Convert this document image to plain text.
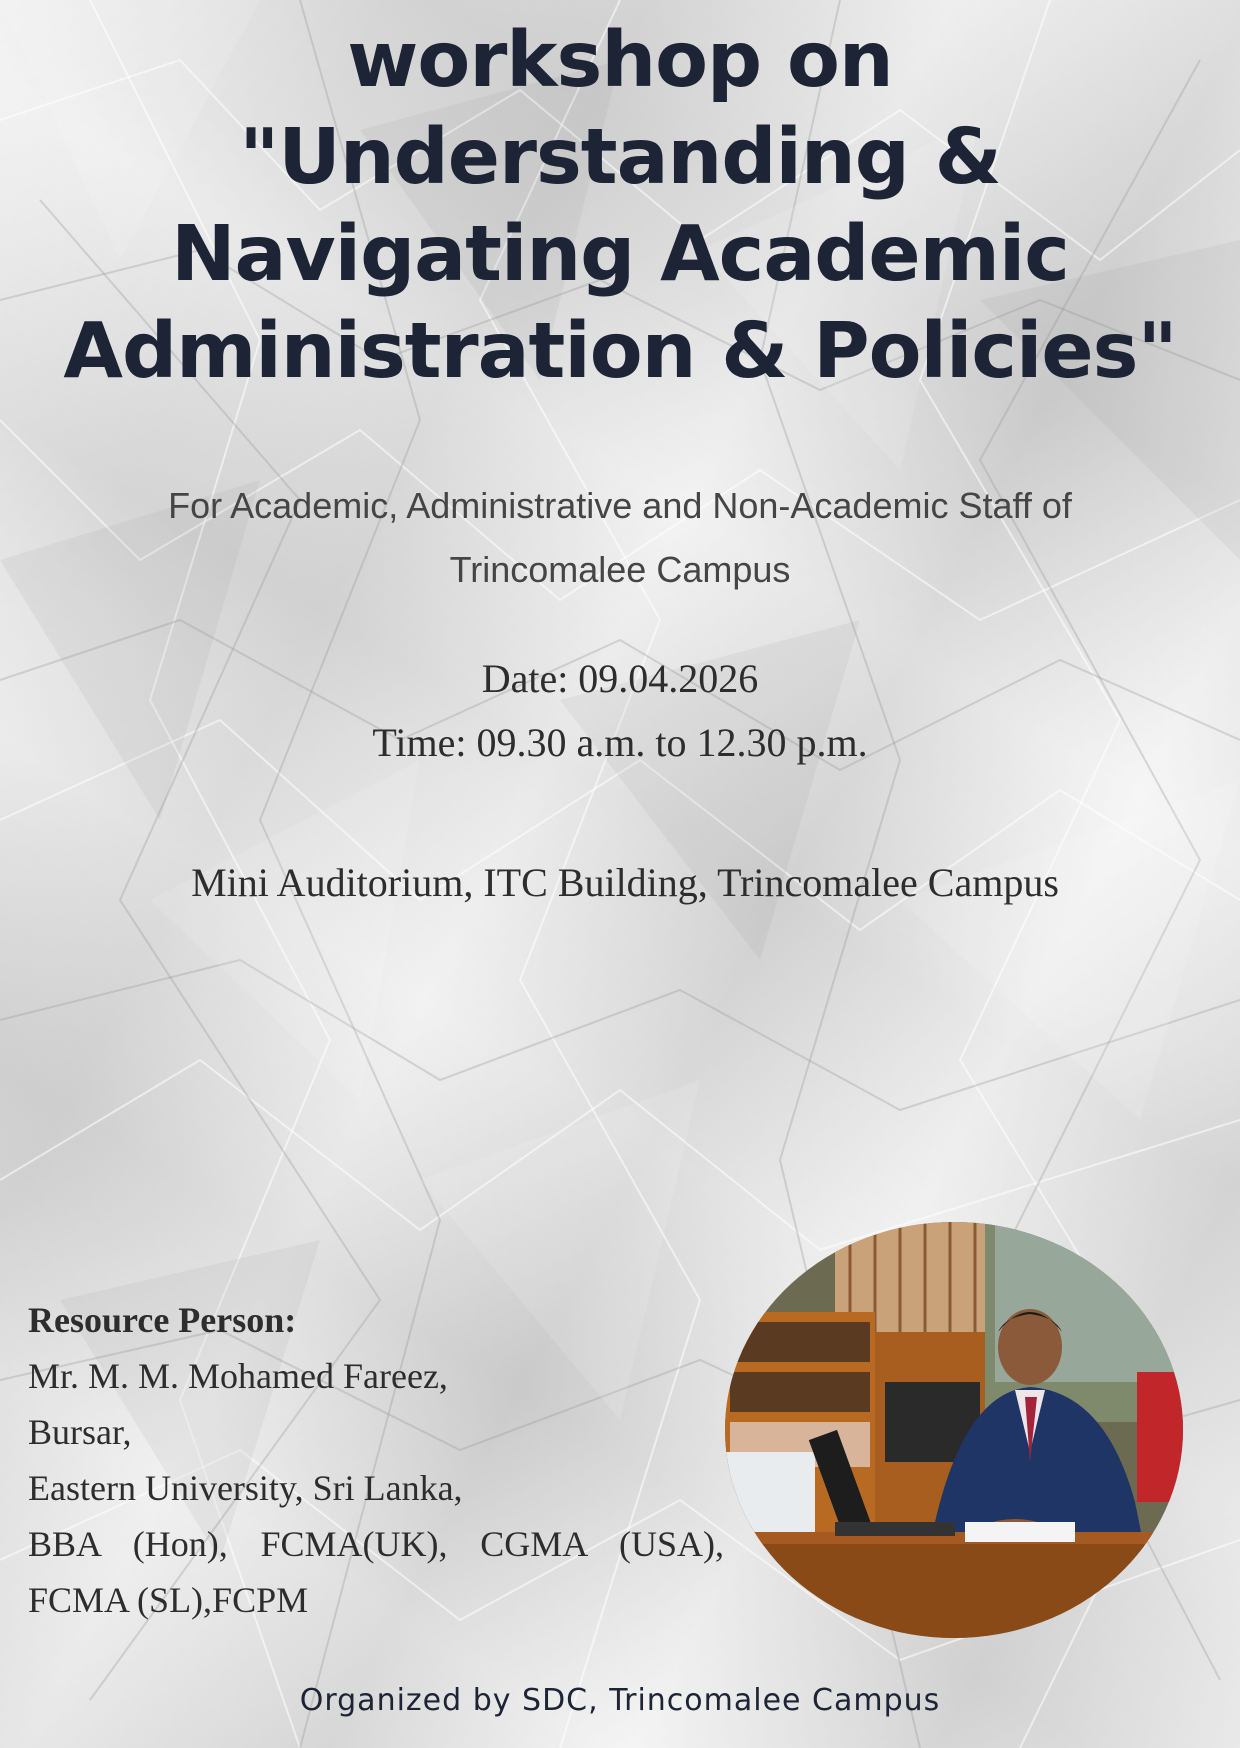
workshop on
"Understanding &
Navigating Academic
Administration & Policies"
For Academic, Administrative and Non-Academic Staff of
Trincomalee Campus

Date: 09.04.2026

Time: 09.30 a.m. to 12.30 p.m.

Mini Auditorium, ITC Building, Trincomalee Campus

Resource Person:
Mr. M. M. Mohamed Fareez,
Bursar,
Eastern University, Sri Lanka,
BBA (Hon), FCMA(UK), CGMA (USA),
FCMA (SL),FCPM

Organized by SDC, Trincomalee Campus
